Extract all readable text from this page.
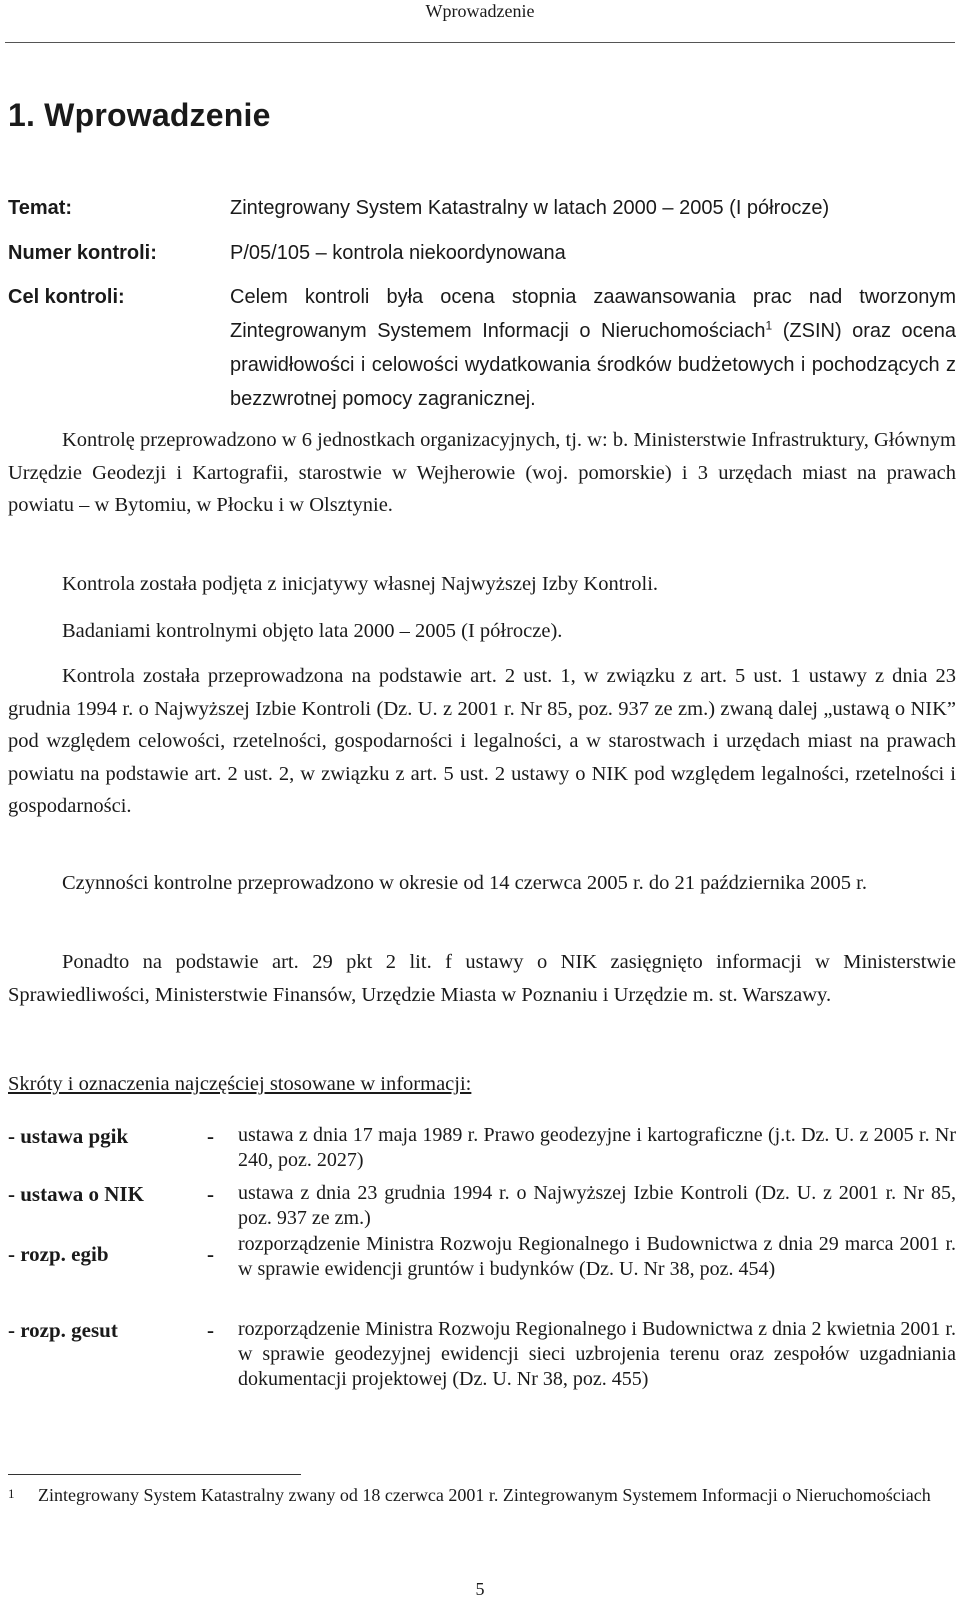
Wprowadzenie
1. Wprowadzenie
Temat:	Zintegrowany System Katastralny w latach 2000 – 2005 (I półrocze)
Numer kontroli:	P/05/105 – kontrola niekoordynowana
Cel kontroli:	Celem kontroli była ocena stopnia zaawansowania prac nad tworzonym Zintegrowanym Systemem Informacji o Nieruchomościach$^1$ (ZSIN) oraz ocena prawidłowości i celowości wydatkowania środków budżetowych i pochodzących z bezzwrotnej pomocy zagranicznej.
Kontrolę przeprowadzono w 6 jednostkach organizacyjnych, tj. w: b. Ministerstwie Infrastruktury, Głównym Urzędzie Geodezji i Kartografii, starostwie w Wejherowie (woj. pomorskie) i 3 urzędach miast na prawach powiatu – w Bytomiu, w Płocku i w Olsztynie.
Kontrola została podjęta z inicjatywy własnej Najwyższej Izby Kontroli.
Badaniami kontrolnymi objęto lata 2000 – 2005 (I półrocze).
Kontrola została przeprowadzona na podstawie art. 2 ust. 1, w związku z art. 5 ust. 1 ustawy z dnia 23 grudnia 1994 r. o Najwyższej Izbie Kontroli (Dz. U. z 2001 r. Nr 85, poz. 937 ze zm.) zwaną dalej „ustawą o NIK” pod względem celowości, rzetelności, gospodarności i legalności, a w starostwach i urzędach miast na prawach powiatu na podstawie art. 2 ust. 2, w związku z art. 5 ust. 2 ustawy o NIK pod względem legalności, rzetelności i gospodarności.
Czynności kontrolne przeprowadzono w okresie od 14 czerwca 2005 r. do 21 października 2005 r.
Ponadto na podstawie art. 29 pkt 2 lit. f ustawy o NIK zasięgnięto informacji w Ministerstwie Sprawiedliwości, Ministerstwie Finansów, Urzędzie Miasta w Poznaniu i Urzędzie m. st. Warszawy.
Skróty i oznaczenia najczęściej stosowane w informacji:
- ustawa pgik	- ustawa z dnia 17 maja 1989 r. Prawo geodezyjne i kartograficzne (j.t. Dz. U. z 2005 r. Nr 240, poz. 2027)
- ustawa o NIK	- ustawa z dnia 23 grudnia 1994 r. o Najwyższej Izbie Kontroli (Dz. U. z 2001 r. Nr 85, poz. 937 ze zm.)
- rozp. egib	- rozporządzenie Ministra Rozwoju Regionalnego i Budownictwa z dnia 29 marca 2001 r. w sprawie ewidencji gruntów i budynków (Dz. U. Nr 38, poz. 454)
- rozp. gesut	- rozporządzenie Ministra Rozwoju Regionalnego i Budownictwa z dnia 2 kwietnia 2001 r. w sprawie geodezyjnej ewidencji sieci uzbrojenia terenu oraz zespołów uzgadniania dokumentacji projektowej (Dz. U. Nr 38, poz. 455)
1	Zintegrowany System Katastralny zwany od 18 czerwca 2001 r. Zintegrowanym Systemem Informacji o Nieruchomościach
5
